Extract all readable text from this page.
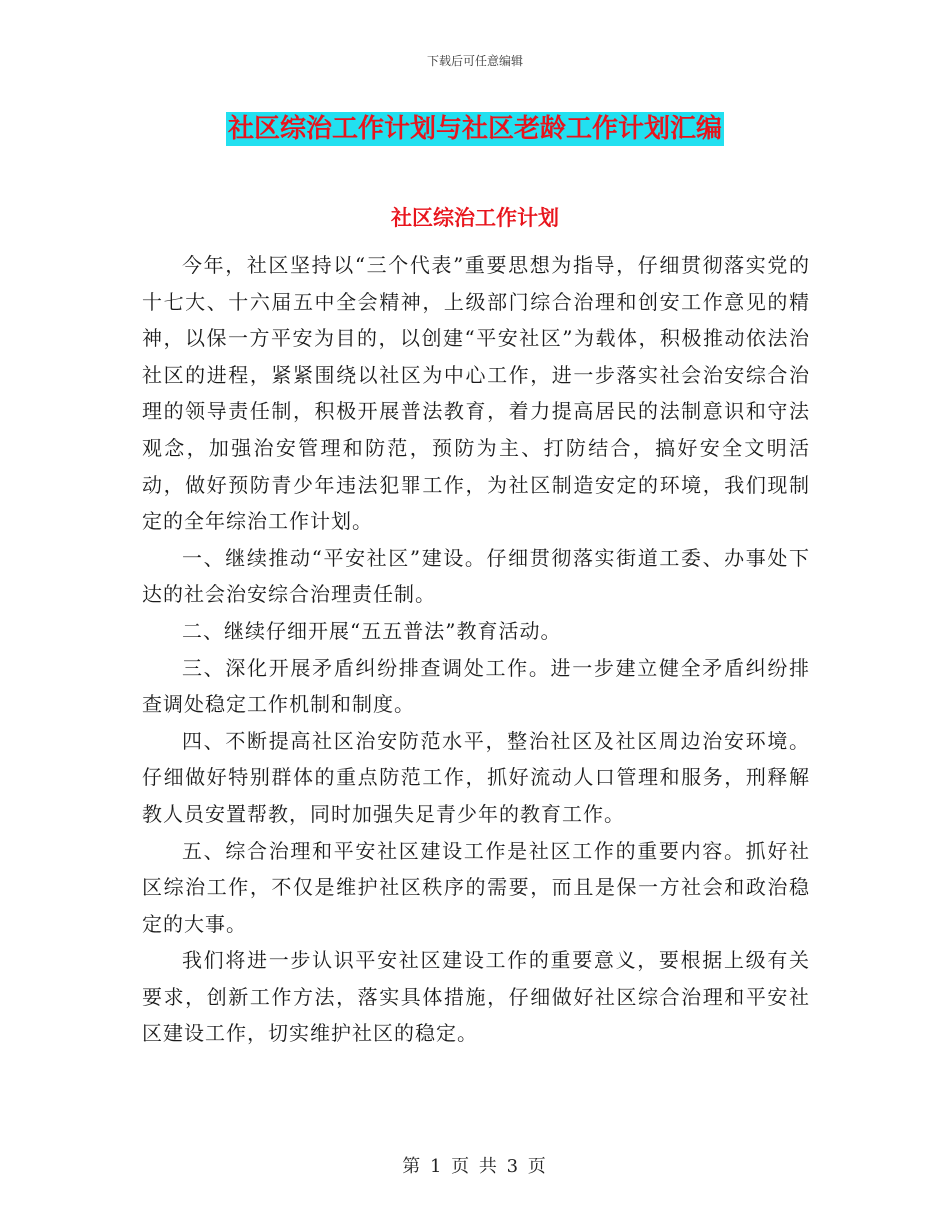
下载后可任意编辑
社区综治工作计划与社区老龄工作计划汇编
社区综治工作计划

今年，社区坚持以“三个代表”重要思想为指导，仔细贯彻落实党的十七大、十六届五中全会精神，上级部门综合治理和创安工作意见的精神，以保一方平安为目的，以创建“平安社区”为载体，积极推动依法治社区的进程，紧紧围绕以社区为中心工作，进一步落实社会治安综合治理的领导责任制，积极开展普法教育，着力提高居民的法制意识和守法观念，加强治安管理和防范，预防为主、打防结合，搞好安全文明活动，做好预防青少年违法犯罪工作，为社区制造安定的环境，我们现制定的全年综治工作计划。

一、继续推动“平安社区”建设。仔细贯彻落实街道工委、办事处下达的社会治安综合治理责任制。

二、继续仔细开展“五五普法”教育活动。

三、深化开展矛盾纠纷排查调处工作。进一步建立健全矛盾纠纷排查调处稳定工作机制和制度。

四、不断提高社区治安防范水平，整治社区及社区周边治安环境。仔细做好特别群体的重点防范工作，抓好流动人口管理和服务，刑释解教人员安置帮教，同时加强失足青少年的教育工作。

五、综合治理和平安社区建设工作是社区工作的重要内容。抓好社区综治工作，不仅是维护社区秩序的需要，而且是保一方社会和政治稳定的大事。

我们将进一步认识平安社区建设工作的重要意义，要根据上级有关要求，创新工作方法，落实具体措施，仔细做好社区综合治理和平安社区建设工作，切实维护社区的稳定。

第 1 页 共 3 页
